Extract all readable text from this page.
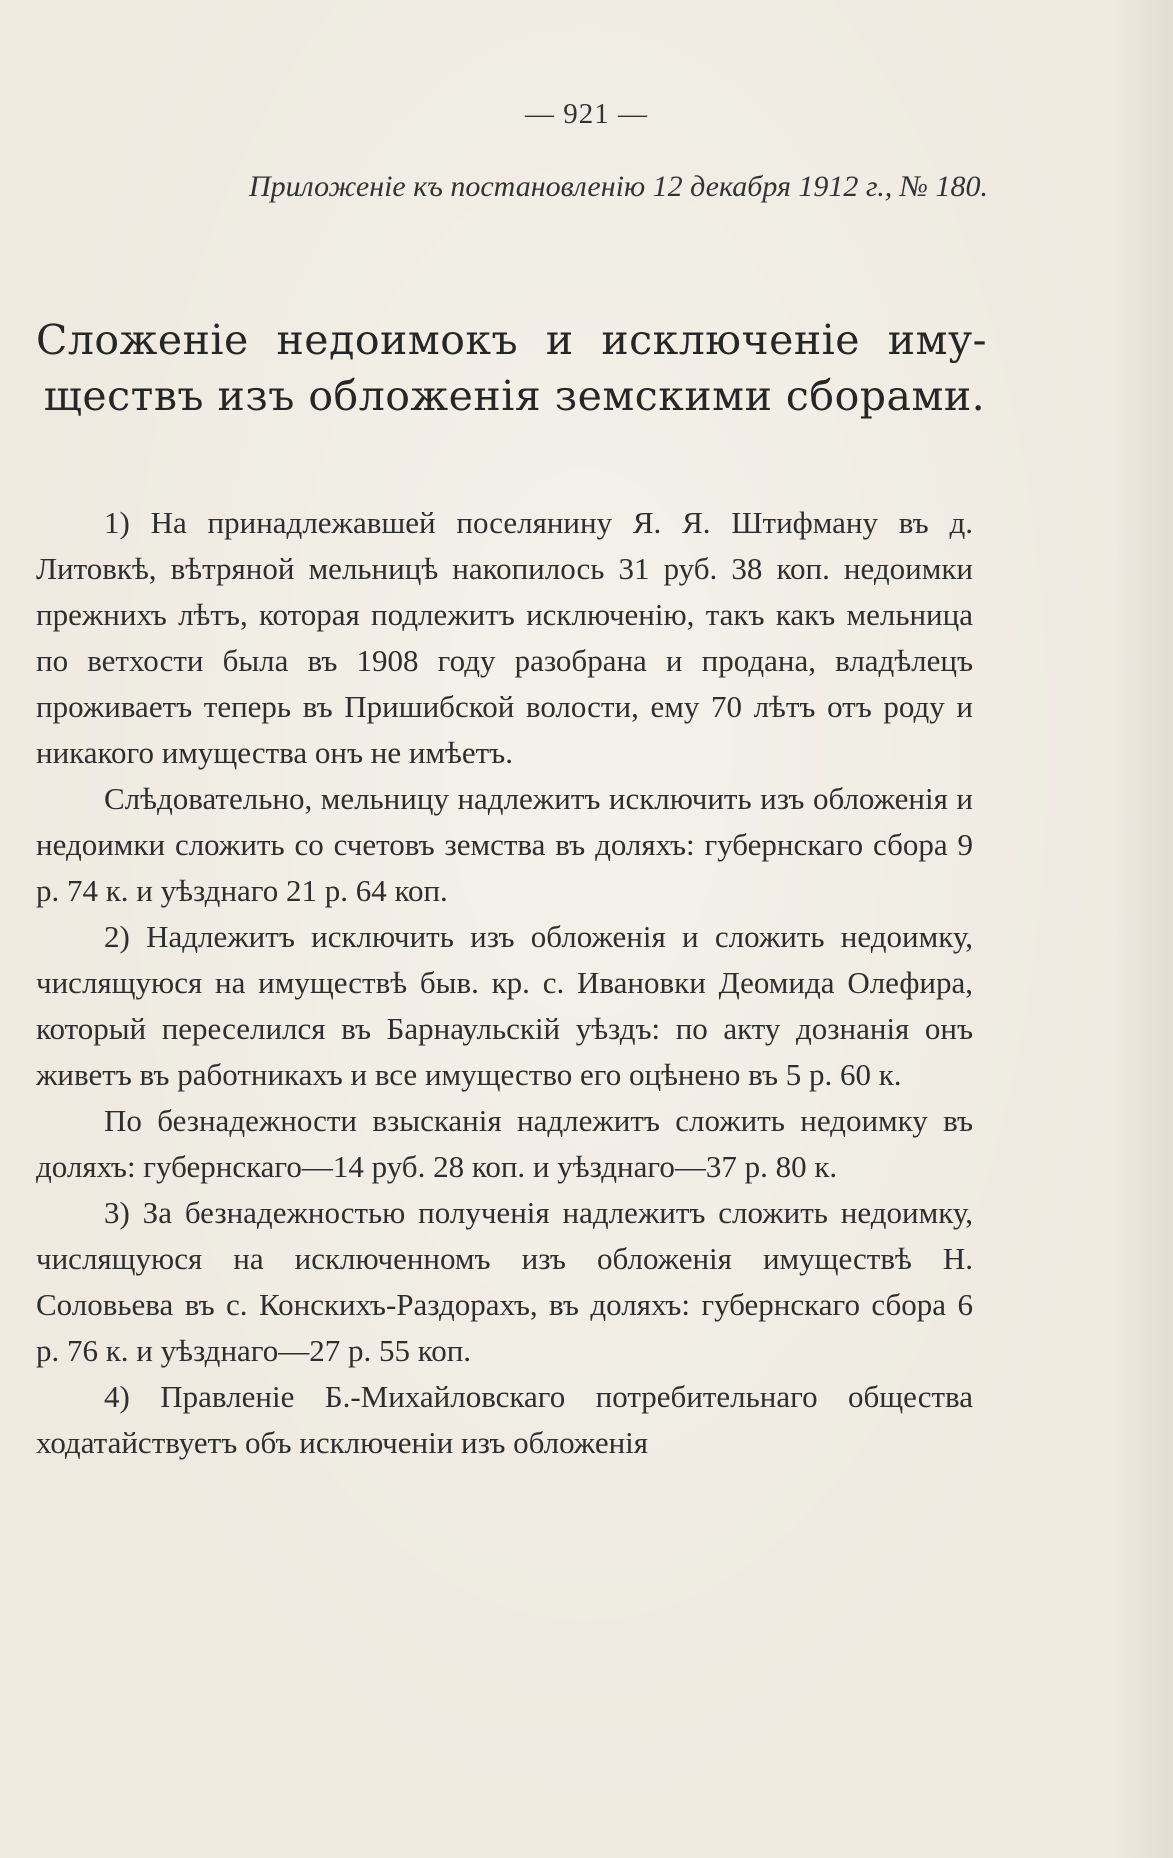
— 921 —
Приложеніе къ постановленію 12 декабря 1912 г., № 180.
Сложеніе недоимокъ и исключеніе иму-
ществъ изъ обложенія земскими сборами.

1) На принадлежавшей поселянину Я. Я. Штифману въ д. Литовкѣ, вѣтряной мельницѣ накопилось 31 руб. 38 коп. недоимки прежнихъ лѣтъ, которая подлежитъ исключенію, такъ какъ мельница по ветхости была въ 1908 году разобрана и продана, владѣлецъ проживаетъ теперь въ Пришибской волости, ему 70 лѣтъ отъ роду и никакого имущества онъ не имѣетъ.

Слѣдовательно, мельницу надлежитъ исключить изъ обложенія и недоимки сложить со счетовъ земства въ доляхъ: губернскаго сбора 9 р. 74 к. и уѣзднаго 21 р. 64 коп.

2) Надлежитъ исключить изъ обложенія и сложить недоимку, числящуюся на имуществѣ быв. кр. с. Ивановки Деомида Олефира, который переселился въ Барнаульскій уѣздъ: по акту дознанія онъ живетъ въ работникахъ и все имущество его оцѣнено въ 5 р. 60 к.

По безнадежности взысканія надлежитъ сложить недоимку въ доляхъ: губернскаго—14 руб. 28 коп. и уѣзднаго—37 р. 80 к.

3) За безнадежностью полученія надлежитъ сложить недоимку, числящуюся на исключенномъ изъ обложенія имуществѣ Н. Соловьева въ с. Конскихъ-Раздорахъ, въ доляхъ: губернскаго сбора 6 р. 76 к. и уѣзднаго—27 р. 55 коп.

4) Правленіе Б.-Михайловскаго потребительнаго общества ходатайствуетъ объ исключеніи изъ обложенія
